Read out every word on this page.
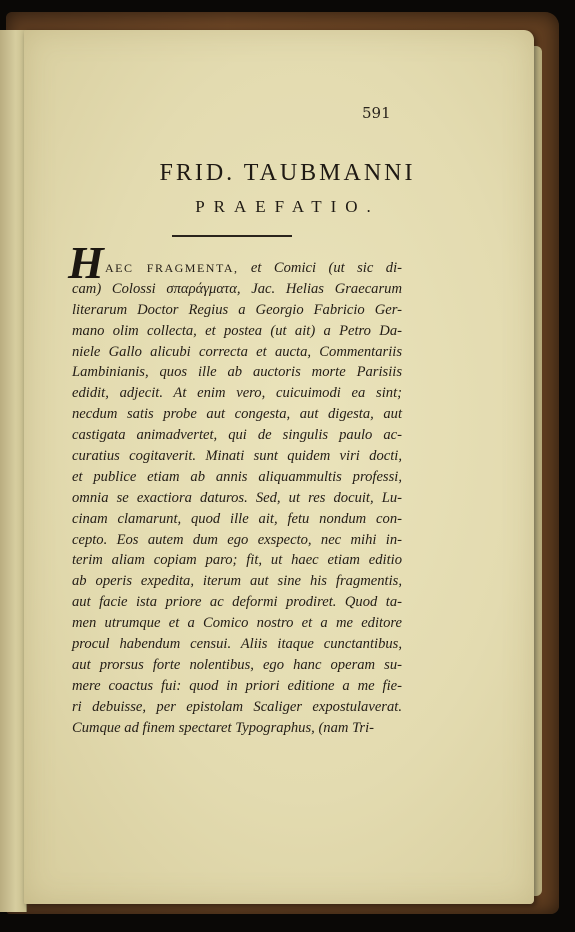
591
FRID. TAUBMANNI
PRAEFATIO.
H AEC FRAGMENTA, et Comici (ut sic di-
cam) Colossi σπαράγματα, Jac. Helias Graecarum
literarum Doctor Regius a Georgio Fabricio Ger-
mano olim collecta, et postea (ut ait) a Petro Da-
niele Gallo alicubi correcta et aucta, Commentariis
Lambinianis, quos ille ab auctoris morte Parisiis
edidit, adjecit. At enim vero, cuicuimodi ea sint;
necdum satis probe aut congesta, aut digesta, aut
castigata animadvertet, qui de singulis paulo ac-
curatius cogitaverit. Minati sunt quidem viri docti,
et publice etiam ab annis aliquammultis professi,
omnia se exactiora daturos. Sed, ut res docuit, Lu-
cinam clamarunt, quod ille ait, fetu nondum con-
cepto. Eos autem dum ego exspecto, nec mihi in-
terim aliam copiam paro; fit, ut haec etiam editio
ab operis expedita, iterum aut sine his fragmentis,
aut facie ista priore ac deformi prodiret. Quod ta-
men utrumque et a Comico nostro et a me editore
procul habendum censui. Aliis itaque cunctantibus,
aut prorsus forte nolentibus, ego hanc operam su-
mere coactus fui: quod in priori editione a me fie-
ri debuisse, per epistolam Scaliger expostulaverat.
Cumque ad finem spectaret Typographus, (nam Tri-
